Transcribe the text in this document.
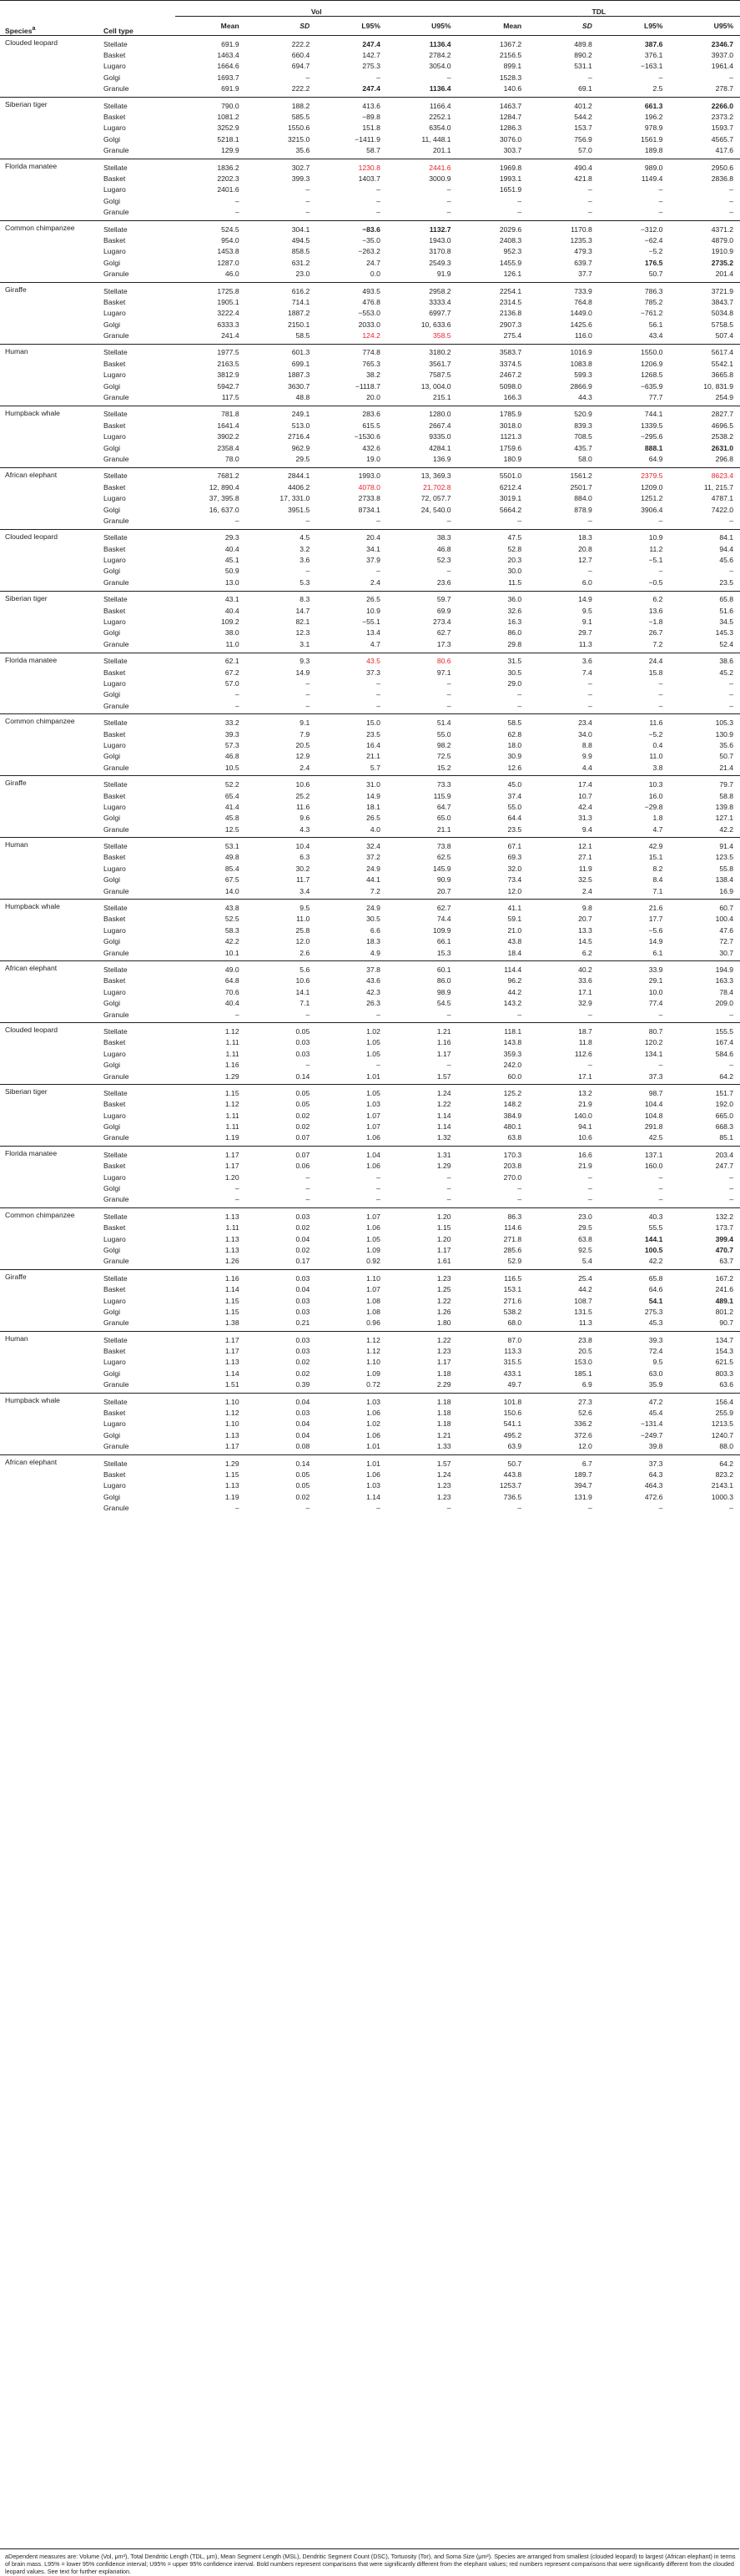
Species$^a$	Cell type	Vol				TDL			
		Mean	SD	L95%	U95%	Mean	SD	L95%	U95%
Clouded leopard	Stellate	691.9	222.2	247.4	1136.4	1367.2	489.8	387.6	2346.7
	Basket	1463.4	660.4	142.7	2784.2	2156.5	890.2	376.1	3937.0
	Lugaro	1664.6	694.7	275.3	3054.0	899.1	531.1	−163.1	1961.4
	Golgi	1693.7	–	–	–	1528.3	–	–	–
	Granule	691.9	222.2	247.4	1136.4	140.6	69.1	2.5	278.7
Siberian tiger	Stellate	790.0	188.2	413.6	1166.4	1463.7	401.2	661.3	2266.0
	Basket	1081.2	585.5	−89.8	2252.1	1284.7	544.2	196.2	2373.2
	Lugaro	3252.9	1550.6	151.8	6354.0	1286.3	153.7	978.9	1593.7
	Golgi	5218.1	3215.0	−1411.9	11, 448.1	3076.0	756.9	1561.9	4565.7
	Granule	129.9	35.6	58.7	201.1	303.7	57.0	189.8	417.6
Florida manatee	Stellate	1836.2	302.7	1230.8	2441.6	1969.8	490.4	989.0	2950.6
	Basket	2202.3	399.3	1403.7	3000.9	1993.1	421.8	1149.4	2836.8
	Lugaro	2401.6	–	–	–	1651.9	–	–	–
	Golgi	–	–	–	–	–	–	–	–
	Granule	–	–	–	–	–	–	–	–
Common chimpanzee	Stellate	524.5	304.1	−83.6	1132.7	2029.6	1170.8	−312.0	4371.2
	Basket	954.0	494.5	−35.0	1943.0	2408.3	1235.3	−62.4	4879.0
	Lugaro	1453.8	858.5	−263.2	3170.8	952.3	479.3	−5.2	1910.9
	Golgi	1287.0	631.2	24.7	2549.3	1455.9	639.7	176.5	2735.2
	Granule	46.0	23.0	0.0	91.9	126.1	37.7	50.7	201.4
Giraffe	Stellate	1725.8	616.2	493.5	2958.2	2254.1	733.9	786.3	3721.9
	Basket	1905.1	714.1	476.8	3333.4	2314.5	764.8	785.2	3843.7
	Lugaro	3222.4	1887.2	−553.0	6997.7	2136.8	1449.0	−761.2	5034.8
	Golgi	6333.3	2150.1	2033.0	10, 633.6	2907.3	1425.6	56.1	5758.5
	Granule	241.4	58.5	124.2	358.5	275.4	116.0	43.4	507.4
Human	Stellate	1977.5	601.3	774.8	3180.2	3583.7	1016.9	1550.0	5617.4
	Basket	2163.5	699.1	765.3	3561.7	3374.5	1083.8	1206.9	5542.1
	Lugaro	3812.9	1887.3	38.2	7587.5	2467.2	599.3	1268.5	3665.8
	Golgi	5942.7	3630.7	−1118.7	13, 004.0	5098.0	2866.9	−635.9	10, 831.9
	Granule	117.5	48.8	20.0	215.1	166.3	44.3	77.7	254.9
Humpback whale	Stellate	781.8	249.1	283.6	1280.0	1785.9	520.9	744.1	2827.7
	Basket	1641.4	513.0	615.5	2667.4	3018.0	839.3	1339.5	4696.5
	Lugaro	3902.2	2716.4	−1530.6	9335.0	1121.3	708.5	−295.6	2538.2
	Golgi	2358.4	962.9	432.6	4284.1	1759.6	435.7	888.1	2631.0
	Granule	78.0	29.5	19.0	136.9	180.9	58.0	64.9	296.8
African elephant	Stellate	7681.2	2844.1	1993.0	13, 369.3	5501.0	1561.2	2379.5	8623.4
	Basket	12, 890.4	4406.2	4078.0	21,702.8	6212.4	2501.7	1209.0	11, 215.7
	Lugaro	37, 395.8	17, 331.0	2733.8	72, 057.7	3019.1	884.0	1251.2	4787.1
	Golgi	16, 637.0	3951.5	8734.1	24, 540.0	5664.2	878.9	3906.4	7422.0
	Granule	–	–	–	–	–	–	–	–
Clouded leopard	Stellate	29.3	4.5	20.4	38.3	47.5	18.3	10.9	84.1
	Basket	40.4	3.2	34.1	46.8	52.8	20.8	11.2	94.4
	Lugaro	45.1	3.6	37.9	52.3	20.3	12.7	−5.1	45.6
	Golgi	50.9	–	–	–	30.0	–	–	–
	Granule	13.0	5.3	2.4	23.6	11.5	6.0	−0.5	23.5
Siberian tiger	Stellate	43.1	8.3	26.5	59.7	36.0	14.9	6.2	65.8
	Basket	40.4	14.7	10.9	69.9	32.6	9.5	13.6	51.6
	Lugaro	109.2	82.1	−55.1	273.4	16.3	9.1	−1.8	34.5
	Golgi	38.0	12.3	13.4	62.7	86.0	29.7	26.7	145.3
	Granule	11.0	3.1	4.7	17.3	29.8	11.3	7.2	52.4
Florida manatee	Stellate	62.1	9.3	43.5	80.6	31.5	3.6	24.4	38.6
	Basket	67.2	14.9	37.3	97.1	30.5	7.4	15.8	45.2
	Lugaro	57.0	–	–	–	29.0	–	–	–
	Golgi	–	–	–	–	–	–	–	–
	Granule	–	–	–	–	–	–	–	–
Common chimpanzee	Stellate	33.2	9.1	15.0	51.4	58.5	23.4	11.6	105.3
	Basket	39.3	7.9	23.5	55.0	62.8	34.0	−5.2	130.9
	Lugaro	57.3	20.5	16.4	98.2	18.0	8.8	0.4	35.6
	Golgi	46.8	12.9	21.1	72.5	30.9	9.9	11.0	50.7
	Granule	10.5	2.4	5.7	15.2	12.6	4.4	3.8	21.4
Giraffe	Stellate	52.2	10.6	31.0	73.3	45.0	17.4	10.3	79.7
	Basket	65.4	25.2	14.9	115.9	37.4	10.7	16.0	58.8
	Lugaro	41.4	11.6	18.1	64.7	55.0	42.4	−29.8	139.8
	Golgi	45.8	9.6	26.5	65.0	64.4	31.3	1.8	127.1
	Granule	12.5	4.3	4.0	21.1	23.5	9.4	4.7	42.2
Human	Stellate	53.1	10.4	32.4	73.8	67.1	12.1	42.9	91.4
	Basket	49.8	6.3	37.2	62.5	69.3	27.1	15.1	123.5
	Lugaro	85.4	30.2	24.9	145.9	32.0	11.9	8.2	55.8
	Golgi	67.5	11.7	44.1	90.9	73.4	32.5	8.4	138.4
	Granule	14.0	3.4	7.2	20.7	12.0	2.4	7.1	16.9
Humpback whale	Stellate	43.8	9.5	24.9	62.7	41.1	9.8	21.6	60.7
	Basket	52.5	11.0	30.5	74.4	59.1	20.7	17.7	100.4
	Lugaro	58.3	25.8	6.6	109.9	21.0	13.3	−5.6	47.6
	Golgi	42.2	12.0	18.3	66.1	43.8	14.5	14.9	72.7
	Granule	10.1	2.6	4.9	15.3	18.4	6.2	6.1	30.7
African elephant	Stellate	49.0	5.6	37.8	60.1	114.4	40.2	33.9	194.9
	Basket	64.8	10.6	43.6	86.0	96.2	33.6	29.1	163.3
	Lugaro	70.6	14.1	42.3	98.9	44.2	17.1	10.0	78.4
	Golgi	40.4	7.1	26.3	54.5	143.2	32.9	77.4	209.0
	Granule	–	–	–	–	–	–	–	–
Clouded leopard	Stellate	1.12	0.05	1.02	1.21	118.1	18.7	80.7	155.5
	Basket	1.11	0.03	1.05	1.16	143.8	11.8	120.2	167.4
	Lugaro	1.11	0.03	1.05	1.17	359.3	112.6	134.1	584.6
	Golgi	1.16	–	–	–	242.0	–	–	–
	Granule	1.29	0.14	1.01	1.57	60.0	17.1	37.3	64.2
Siberian tiger	Stellate	1.15	0.05	1.05	1.24	125.2	13.2	98.7	151.7
	Basket	1.12	0.05	1.03	1.22	148.2	21.9	104.4	192.0
	Lugaro	1.11	0.02	1.07	1.14	384.9	140.0	104.8	665.0
	Golgi	1.11	0.02	1.07	1.14	480.1	94.1	291.8	668.3
	Granule	1.19	0.07	1.06	1.32	63.8	10.6	42.5	85.1
Florida manatee	Stellate	1.17	0.07	1.04	1.31	170.3	16.6	137.1	203.4
	Basket	1.17	0.06	1.06	1.29	203.8	21.9	160.0	247.7
	Lugaro	1.20	–	–	–	270.0	–	–	–
	Golgi	–	–	–	–	–	–	–	–
	Granule	–	–	–	–	–	–	–	–
Common chimpanzee	Stellate	1.13	0.03	1.07	1.20	86.3	23.0	40.3	132.2
	Basket	1.11	0.02	1.06	1.15	114.6	29.5	55.5	173.7
	Lugaro	1.13	0.04	1.05	1.20	271.8	63.8	144.1	399.4
	Golgi	1.13	0.02	1.09	1.17	285.6	92.5	100.5	470.7
	Granule	1.26	0.17	0.92	1.61	52.9	5.4	42.2	63.7
Giraffe	Stellate	1.16	0.03	1.10	1.23	116.5	25.4	65.8	167.2
	Basket	1.14	0.04	1.07	1.25	153.1	44.2	64.6	241.6
	Lugaro	1.15	0.03	1.08	1.22	271.6	108.7	54.1	489.1
	Golgi	1.15	0.03	1.08	1.26	538.2	131.5	275.3	801.2
	Granule	1.38	0.21	0.96	1.80	68.0	11.3	45.3	90.7
Human	Stellate	1.17	0.03	1.12	1.22	87.0	23.8	39.3	134.7
	Basket	1.17	0.03	1.12	1.23	113.3	20.5	72.4	154.3
	Lugaro	1.13	0.02	1.10	1.17	315.5	153.0	9.5	621.5
	Golgi	1.14	0.02	1.09	1.18	433.1	185.1	63.0	803.3
	Granule	1.51	0.39	0.72	2.29	49.7	6.9	35.9	63.6
Humpback whale	Stellate	1.10	0.04	1.03	1.18	101.8	27.3	47.2	156.4
	Basket	1.12	0.03	1.06	1.18	150.6	52.6	45.4	255.9
	Lugaro	1.10	0.04	1.02	1.18	541.1	336.2	−131.4	1213.5
	Golgi	1.13	0.04	1.06	1.21	495.2	372.6	−249.7	1240.7
	Granule	1.17	0.08	1.01	1.33	63.9	12.0	39.8	88.0
African elephant	Stellate	1.29	0.14	1.01	1.57	50.7	6.7	37.3	64.2
	Basket	1.15	0.05	1.06	1.24	443.8	189.7	64.3	823.2
	Lugaro	1.13	0.05	1.03	1.23	1253.7	394.7	464.3	2143.1
	Golgi	1.19	0.02	1.14	1.23	736.5	131.9	472.6	1000.3
	Granule	–	–	–	–	–	–	–	–
aDependent measures are: Volume (Vol, μm³), Total Dendritic Length (TDL, μm), Mean Segment Length (MSL), Dendritic Segment Count (DSC), Tortuosity (Tor), and Soma Size (μm²). Species are arranged from smallest (clouded leopard) to largest (African elephant) in terms of brain mass. L95% = lower 95% confidence interval; U95% = upper 95% confidence interval. Bold numbers represent comparisons that were significantly different from the elephant values; red numbers represent comparisons that were significantly different from the clouded leopard values. See text for further explanation.
